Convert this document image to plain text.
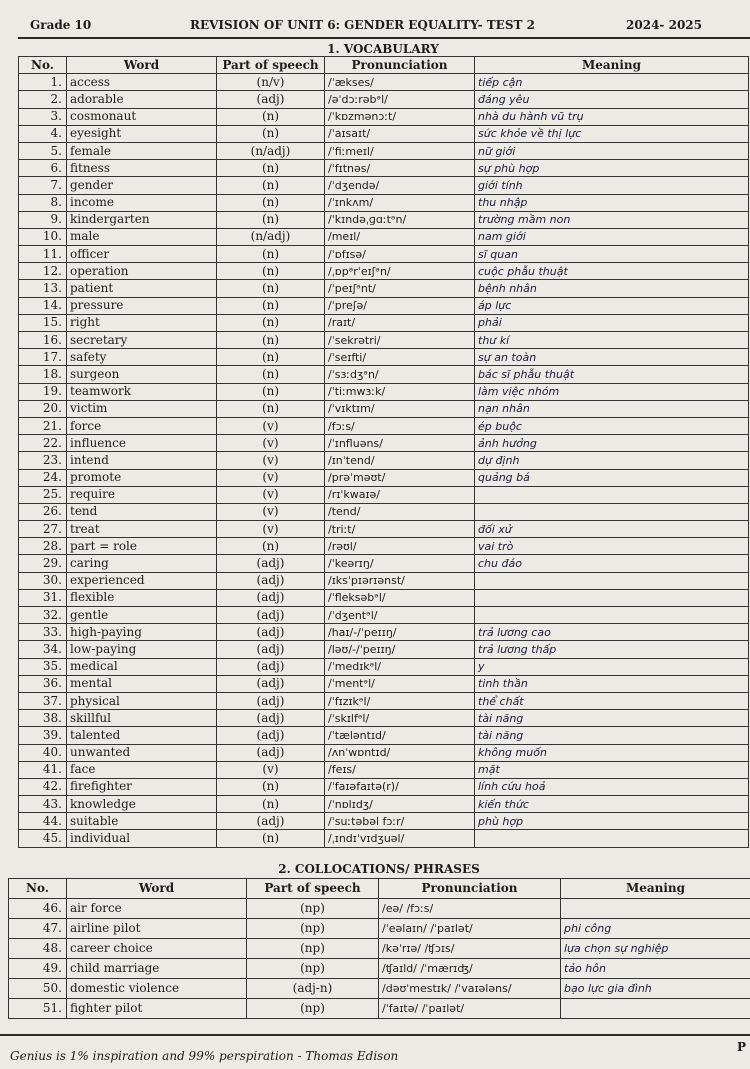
Grade 10	REVISION OF UNIT 6: GENDER EQUALITY- TEST 2	2024- 2025
1. VOCABULARY
No.	Word	Part of speech	Pronunciation	Meaning
1.	access	(n/v)	/ˈækses/	tiếp cận
2.	adorable	(adj)	/əˈdɔːrəbᵊl/	đáng yêu
3.	cosmonaut	(n)	/ˈkɒzmənɔːt/	nhà du hành vũ trụ
4.	eyesight	(n)	/ˈaɪsaɪt/	sức khỏe về thị lực
5.	female	(n/adj)	/ˈfiːmeɪl/	nữ giới
6.	fitness	(n)	/ˈfɪtnəs/	sự phù hợp
7.	gender	(n)	/ˈdʒendə/	giới tính
8.	income	(n)	/ˈɪnkʌm/	thu nhập
9.	kindergarten	(n)	/ˈkɪndəˌɡɑːtᵊn/	trường mầm non
10.	male	(n/adj)	/meɪl/	nam giới
11.	officer	(n)	/ˈɒfɪsə/	sĩ quan
12.	operation	(n)	/ˌɒpᵊrˈeɪʃᵊn/	cuộc phẫu thuật
13.	patient	(n)	/ˈpeɪʃᵊnt/	bệnh nhân
14.	pressure	(n)	/ˈpreʃə/	áp lực
15.	right	(n)	/raɪt/	phải
16.	secretary	(n)	/ˈsekrətri/	thư kí
17.	safety	(n)	/ˈseɪfti/	sự an toàn
18.	surgeon	(n)	/ˈsɜːdʒᵊn/	bác sĩ phẫu thuật
19.	teamwork	(n)	/ˈtiːmwɜːk/	làm việc nhóm
20.	victim	(n)	/ˈvɪktɪm/	nạn nhân
21.	force	(v)	/fɔːs/	ép buộc
22.	influence	(v)	/ˈɪnfluəns/	ảnh hưởng
23.	intend	(v)	/ɪnˈtend/	dự định
24.	promote	(v)	/prəˈməʊt/	quảng bá
25.	require	(v)	/rɪˈkwaɪə/	
26.	tend	(v)	/tend/	
27.	treat	(v)	/triːt/	đối xử
28.	part = role	(n)	/rəʊl/	vai trò
29.	caring	(adj)	/ˈkeərɪŋ/	chu đáo
30.	experienced	(adj)	/ɪksˈpɪərɪənst/	
31.	flexible	(adj)	/ˈfleksəbᵊl/	
32.	gentle	(adj)	/ˈdʒentᵊl/	
33.	high-paying	(adj)	/haɪ/-/ˈpeɪɪŋ/	trả lương cao
34.	low-paying	(adj)	/ləʊ/-/ˈpeɪɪŋ/	trả lương thấp
35.	medical	(adj)	/ˈmedɪkᵊl/	y
36.	mental	(adj)	/ˈmentᵊl/	tinh thần
37.	physical	(adj)	/ˈfɪzɪkᵊl/	thể chất
38.	skillful	(adj)	/ˈskɪlfᵊl/	tài năng
39.	talented	(adj)	/ˈtæləntɪd/	tài năng
40.	unwanted	(adj)	/ʌnˈwɒntɪd/	không muốn
41.	face	(v)	/feɪs/	mặt
42.	firefighter	(n)	/ˈfaɪəfaɪtə(r)/	lính cứu hoả
43.	knowledge	(n)	/ˈnɒlɪdʒ/	kiến thức
44.	suitable	(adj)	/ˈsuːtəbəl fɔːr/	phù hợp
45.	individual	(n)	/ˌɪndɪˈvɪdʒuəl/	
2. COLLOCATIONS/ PHRASES
No.	Word	Part of speech	Pronunciation	Meaning
46.	air force	(np)	/eə/ /fɔːs/	
47.	airline pilot	(np)	/ˈeəlaɪn/ /ˈpaɪlət/	phi công
48.	career choice	(np)	/kəˈrɪə/ /ʧɔɪs/	lựa chọn sự nghiệp
49.	child marriage	(np)	/ʧaɪld/ /ˈmærɪʤ/	tảo hôn
50.	domestic violence	(adj-n)	/dəʊˈmestɪk/ /ˈvaɪələns/	bạo lực gia đình
51.	fighter pilot	(np)	/ˈfaɪtə/ /ˈpaɪlət/	
Genius is 1% inspiration and 99% perspiration - Thomas Edison
P
